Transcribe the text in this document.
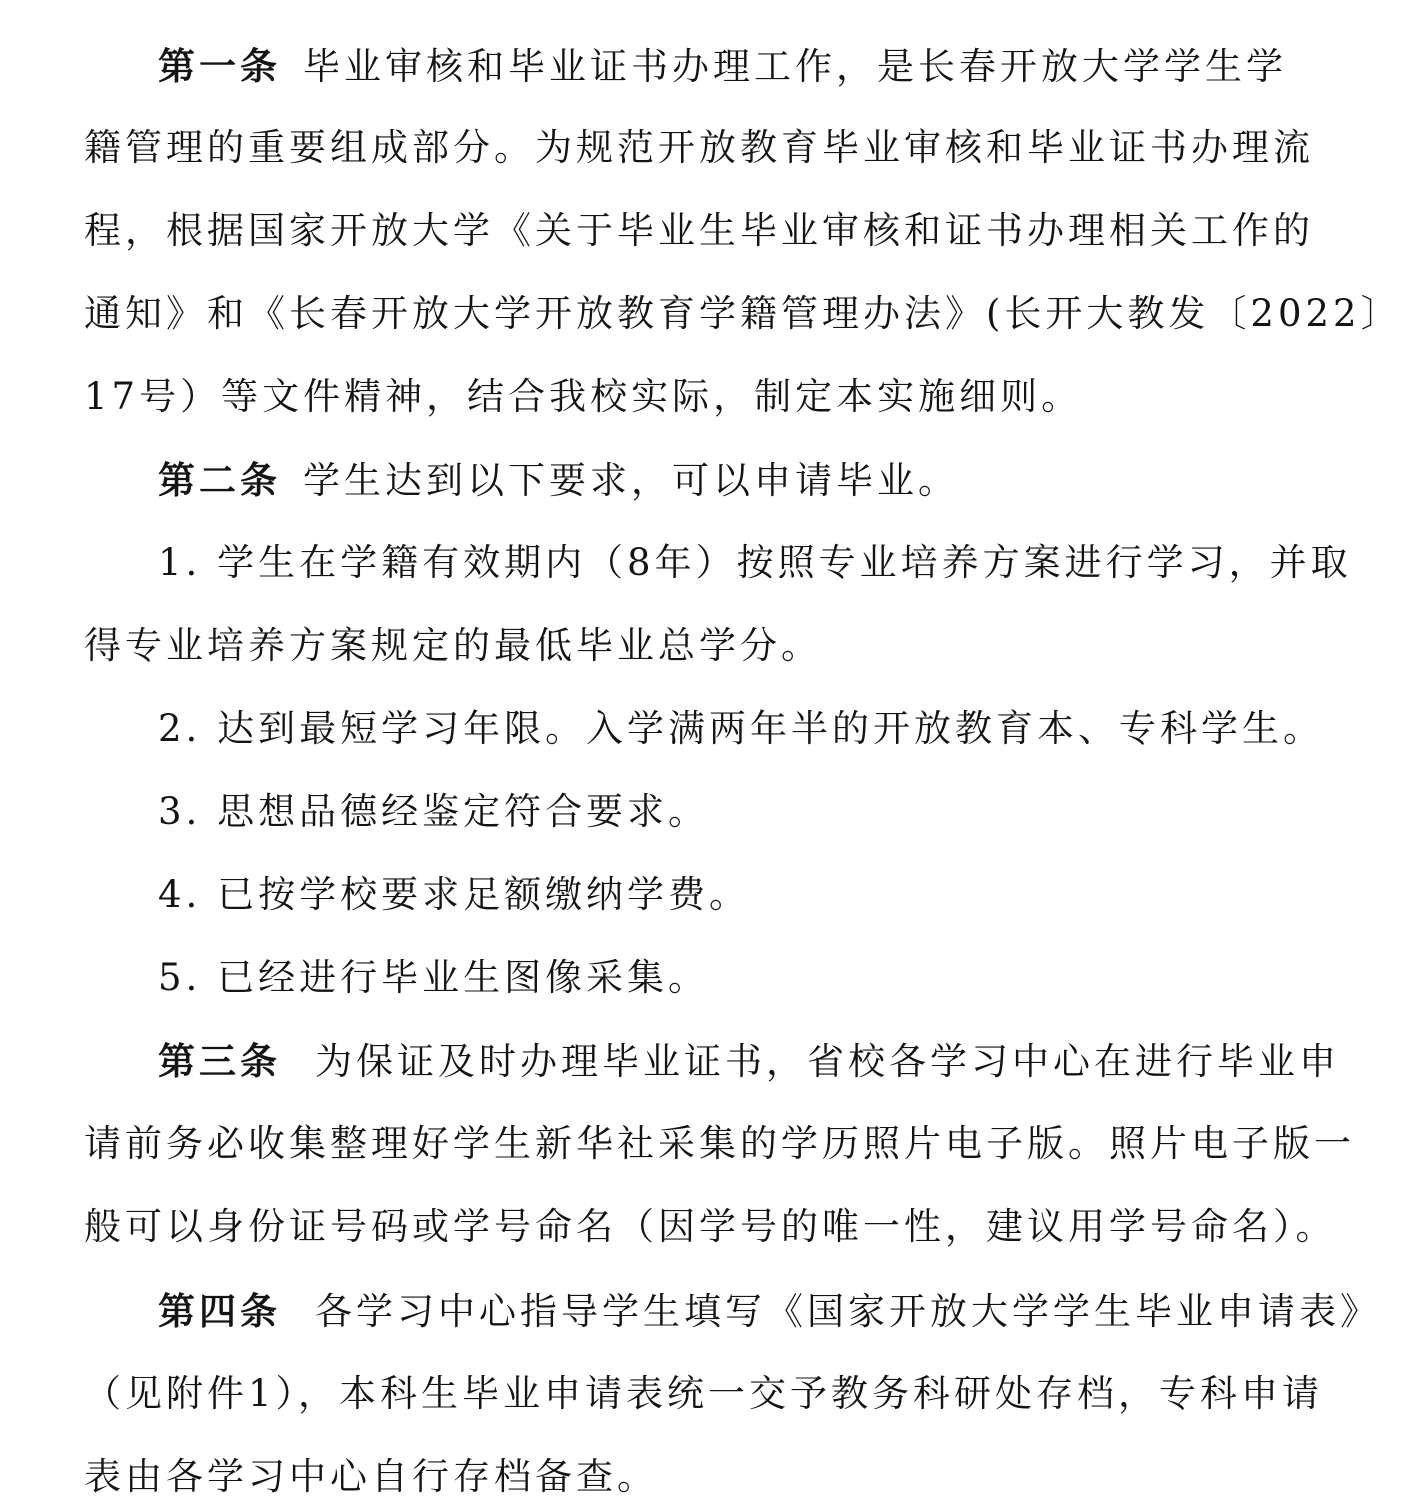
第一条 毕业审核和毕业证书办理工作，是长春开放大学学生学
籍管理的重要组成部分。为规范开放教育毕业审核和毕业证书办理流
程，根据国家开放大学《关于毕业生毕业审核和证书办理相关工作的
通知》和《长春开放大学开放教育学籍管理办法》(长开大教发〔2022〕
17号）等文件精神，结合我校实际，制定本实施细则。
第二条 学生达到以下要求，可以申请毕业。
1. 学生在学籍有效期内（8年）按照专业培养方案进行学习，并取
得专业培养方案规定的最低毕业总学分。
2. 达到最短学习年限。入学满两年半的开放教育本、专科学生。
3. 思想品德经鉴定符合要求。
4. 已按学校要求足额缴纳学费。
5. 已经进行毕业生图像采集。
第三条 为保证及时办理毕业证书，省校各学习中心在进行毕业申
请前务必收集整理好学生新华社采集的学历照片电子版。照片电子版一
般可以身份证号码或学号命名（因学号的唯一性，建议用学号命名）。
第四条 各学习中心指导学生填写《国家开放大学学生毕业申请表》
（见附件1），本科生毕业申请表统一交予教务科研处存档，专科申请
表由各学习中心自行存档备查。
